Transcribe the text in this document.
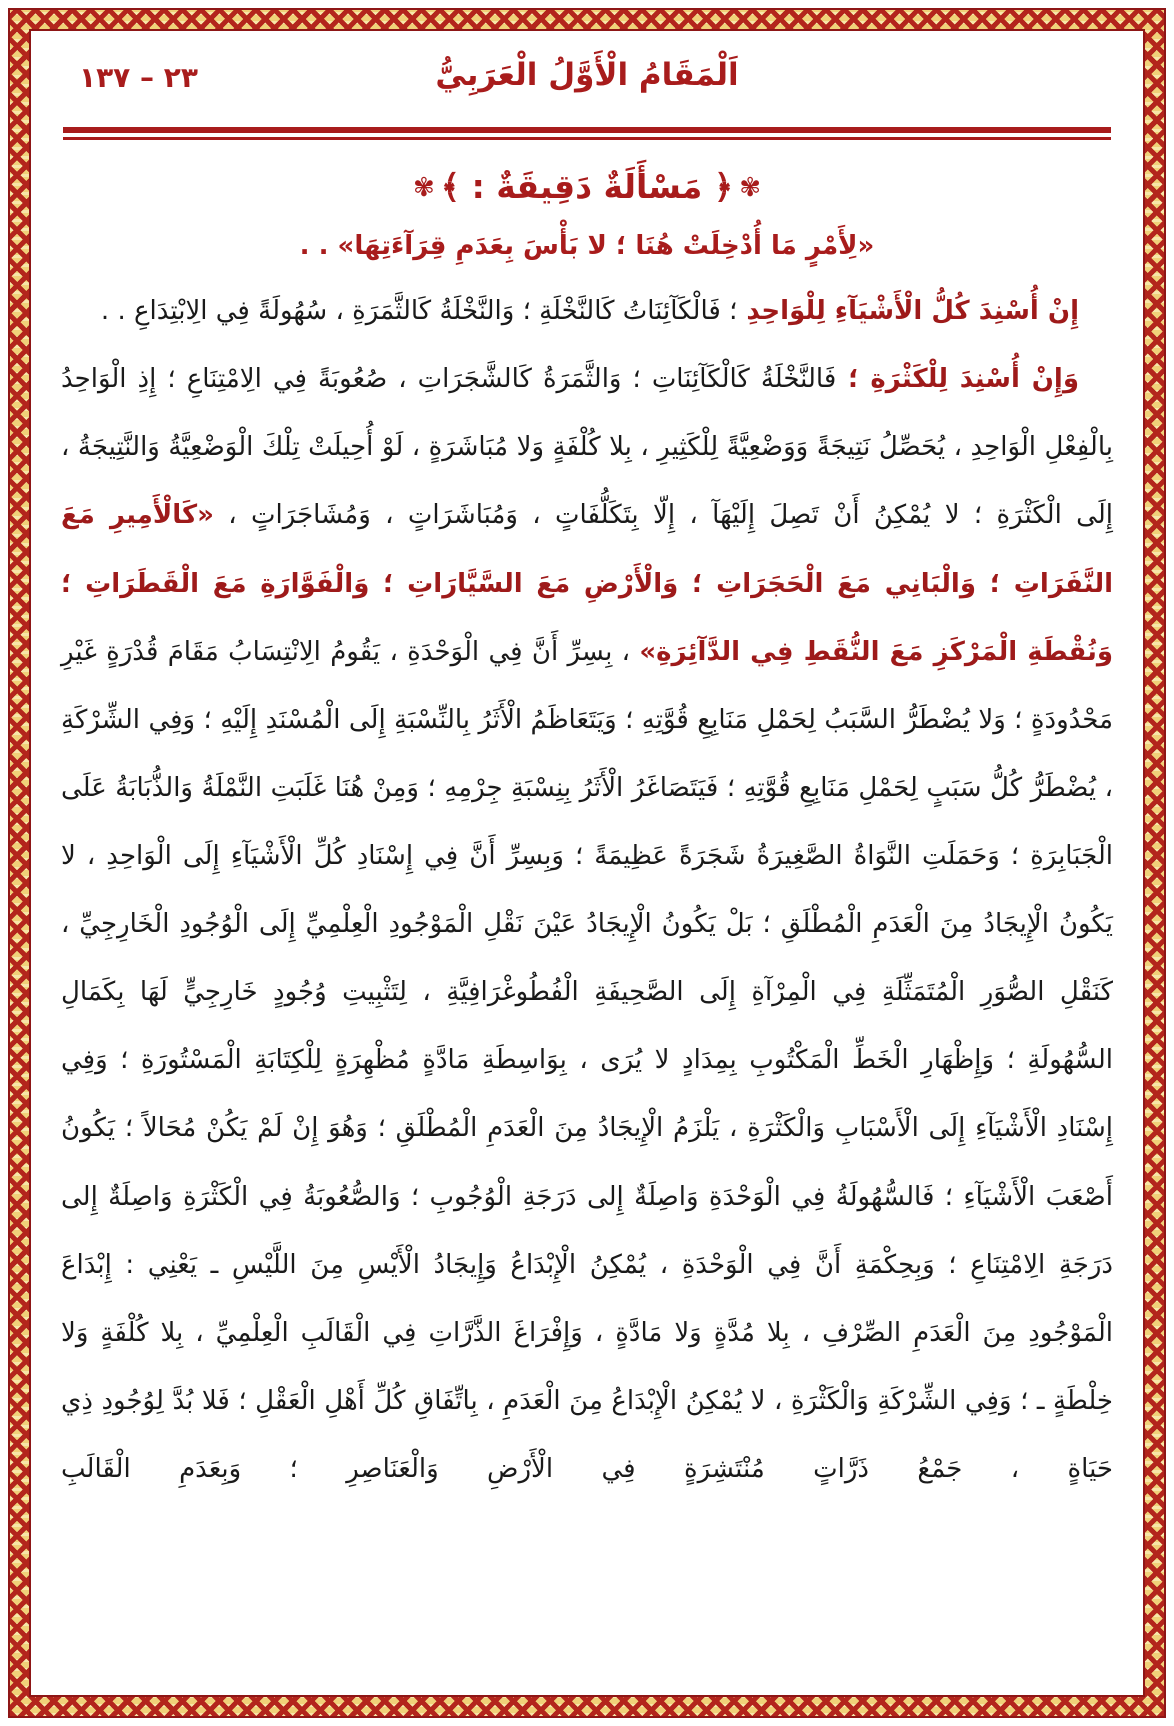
٢٣ – ١٣٧	اَلْمَقَامُ الْأَوَّلُ الْعَرَبِيُّ
✾﴿ مَسْأَلَةٌ دَقِيقَةٌ : ﴾✾
«لِأَمْرٍ مَا أُدْخِلَتْ هُنَا ؛ لا بَأْسَ بِعَدَمِ قِرَآءَتِهَا» . .

إِنْ أُسْنِدَ كُلُّ الْأَشْيَآءِ لِلْوَاحِدِ ؛ فَالْكَآئِنَاتُ كَالنَّخْلَةِ ؛ وَالنَّخْلَةُ كَالثَّمَرَةِ ، سُهُولَةً فِي الِابْتِدَاعِ . .

وَإِنْ أُسْنِدَ لِلْكَثْرَةِ ؛ فَالنَّخْلَةُ كَالْكَآئِنَاتِ ؛ وَالثَّمَرَةُ كَالشَّجَرَاتِ ، صُعُوبَةً فِي الِامْتِنَاعِ ؛ إِذِ الْوَاحِدُ بِالْفِعْلِ الْوَاحِدِ ، يُحَصِّلُ نَتِيجَةً وَوَضْعِيَّةً لِلْكَثِيرِ ، بِلا كُلْفَةٍ وَلا مُبَاشَرَةٍ ، لَوْ أُحِيلَتْ تِلْكَ الْوَضْعِيَّةُ وَالنَّتِيجَةُ ، إِلَى الْكَثْرَةِ ؛ لا يُمْكِنُ أَنْ تَصِلَ إِلَيْهَآ ، إِلّا بِتَكَلُّفَاتٍ ، وَمُبَاشَرَاتٍ ، وَمُشَاجَرَاتٍ ، «كَالْأَمِيرِ مَعَ النَّفَرَاتِ ؛ وَالْبَانِي مَعَ الْحَجَرَاتِ ؛ وَالْأَرْضِ مَعَ السَّيَّارَاتِ ؛ وَالْفَوَّارَةِ مَعَ الْقَطَرَاتِ ؛ وَنُقْطَةِ الْمَرْكَزِ مَعَ النُّقَطِ فِي الدَّآئِرَةِ» ، بِسِرِّ أَنَّ فِي الْوَحْدَةِ ، يَقُومُ الِانْتِسَابُ مَقَامَ قُدْرَةٍ غَيْرِ مَحْدُودَةٍ ؛ وَلا يُضْطَرُّ السَّبَبُ لِحَمْلِ مَنَابِعِ قُوَّتِهِ ؛ وَيَتَعَاظَمُ الْأَثَرُ بِالنِّسْبَةِ إِلَى الْمُسْنَدِ إِلَيْهِ ؛ وَفِي الشِّرْكَةِ ، يُضْطَرُّ كُلُّ سَبَبٍ لِحَمْلِ مَنَابِعِ قُوَّتِهِ ؛ فَيَتَصَاغَرُ الْأَثَرُ بِنِسْبَةِ جِرْمِهِ ؛ وَمِنْ هُنَا غَلَبَتِ النَّمْلَةُ وَالذُّبَابَةُ عَلَى الْجَبَابِرَةِ ؛ وَحَمَلَتِ النَّوَاةُ الصَّغِيرَةُ شَجَرَةً عَظِيمَةً ؛ وَبِسِرِّ أَنَّ فِي إِسْنَادِ كُلِّ الْأَشْيَآءِ إِلَى الْوَاحِدِ ، لا يَكُونُ الْإِيجَادُ مِنَ الْعَدَمِ الْمُطْلَقِ ؛ بَلْ يَكُونُ الْإِيجَادُ عَيْنَ نَقْلِ الْمَوْجُودِ الْعِلْمِيِّ إِلَى الْوُجُودِ الْخَارِجِيِّ ، كَنَقْلِ الصُّوَرِ الْمُتَمَثِّلَةِ فِي الْمِرْآةِ إِلَى الصَّحِيفَةِ الْفُطُوغْرَافِيَّةِ ، لِتَثْبِيتِ وُجُودٍ خَارِجِيٍّ لَهَا بِكَمَالِ السُّهُولَةِ ؛ وَإِظْهَارِ الْخَطِّ الْمَكْتُوبِ بِمِدَادٍ لا يُرَى ، بِوَاسِطَةِ مَادَّةٍ مُظْهِرَةٍ لِلْكِتَابَةِ الْمَسْتُورَةِ ؛ وَفِي إِسْنَادِ الْأَشْيَآءِ إِلَى الْأَسْبَابِ وَالْكَثْرَةِ ، يَلْزَمُ الْإِيجَادُ مِنَ الْعَدَمِ الْمُطْلَقِ ؛ وَهُوَ إِنْ لَمْ يَكُنْ مُحَالاً ؛ يَكُونُ أَصْعَبَ الْأَشْيَآءِ ؛ فَالسُّهُولَةُ فِي الْوَحْدَةِ وَاصِلَةٌ إِلى دَرَجَةِ الْوُجُوبِ ؛ وَالصُّعُوبَةُ فِي الْكَثْرَةِ وَاصِلَةٌ إِلى دَرَجَةِ الِامْتِنَاعِ ؛ وَبِحِكْمَةِ أَنَّ فِي الْوَحْدَةِ ، يُمْكِنُ الْإِبْدَاعُ وَإِيجَادُ الْأَيْسِ مِنَ اللَّيْسِ ـ يَعْنِي : إِبْدَاعَ الْمَوْجُودِ مِنَ الْعَدَمِ الصِّرْفِ ، بِلا مُدَّةٍ وَلا مَادَّةٍ ، وَإِفْرَاغَ الذَّرَّاتِ فِي الْقَالَبِ الْعِلْمِيِّ ، بِلا كُلْفَةٍ وَلا خِلْطَةٍ ـ ؛ وَفِي الشِّرْكَةِ وَالْكَثْرَةِ ، لا يُمْكِنُ الْإِبْدَاعُ مِنَ الْعَدَمِ ، بِاتِّفَاقِ كُلِّ أَهْلِ الْعَقْلِ ؛ فَلا بُدَّ لِوُجُودِ ذِي حَيَاةٍ ، جَمْعُ ذَرَّاتٍ مُنْتَشِرَةٍ فِي الْأَرْضِ وَالْعَنَاصِرِ ؛ وَبِعَدَمِ الْقَالَبِ
